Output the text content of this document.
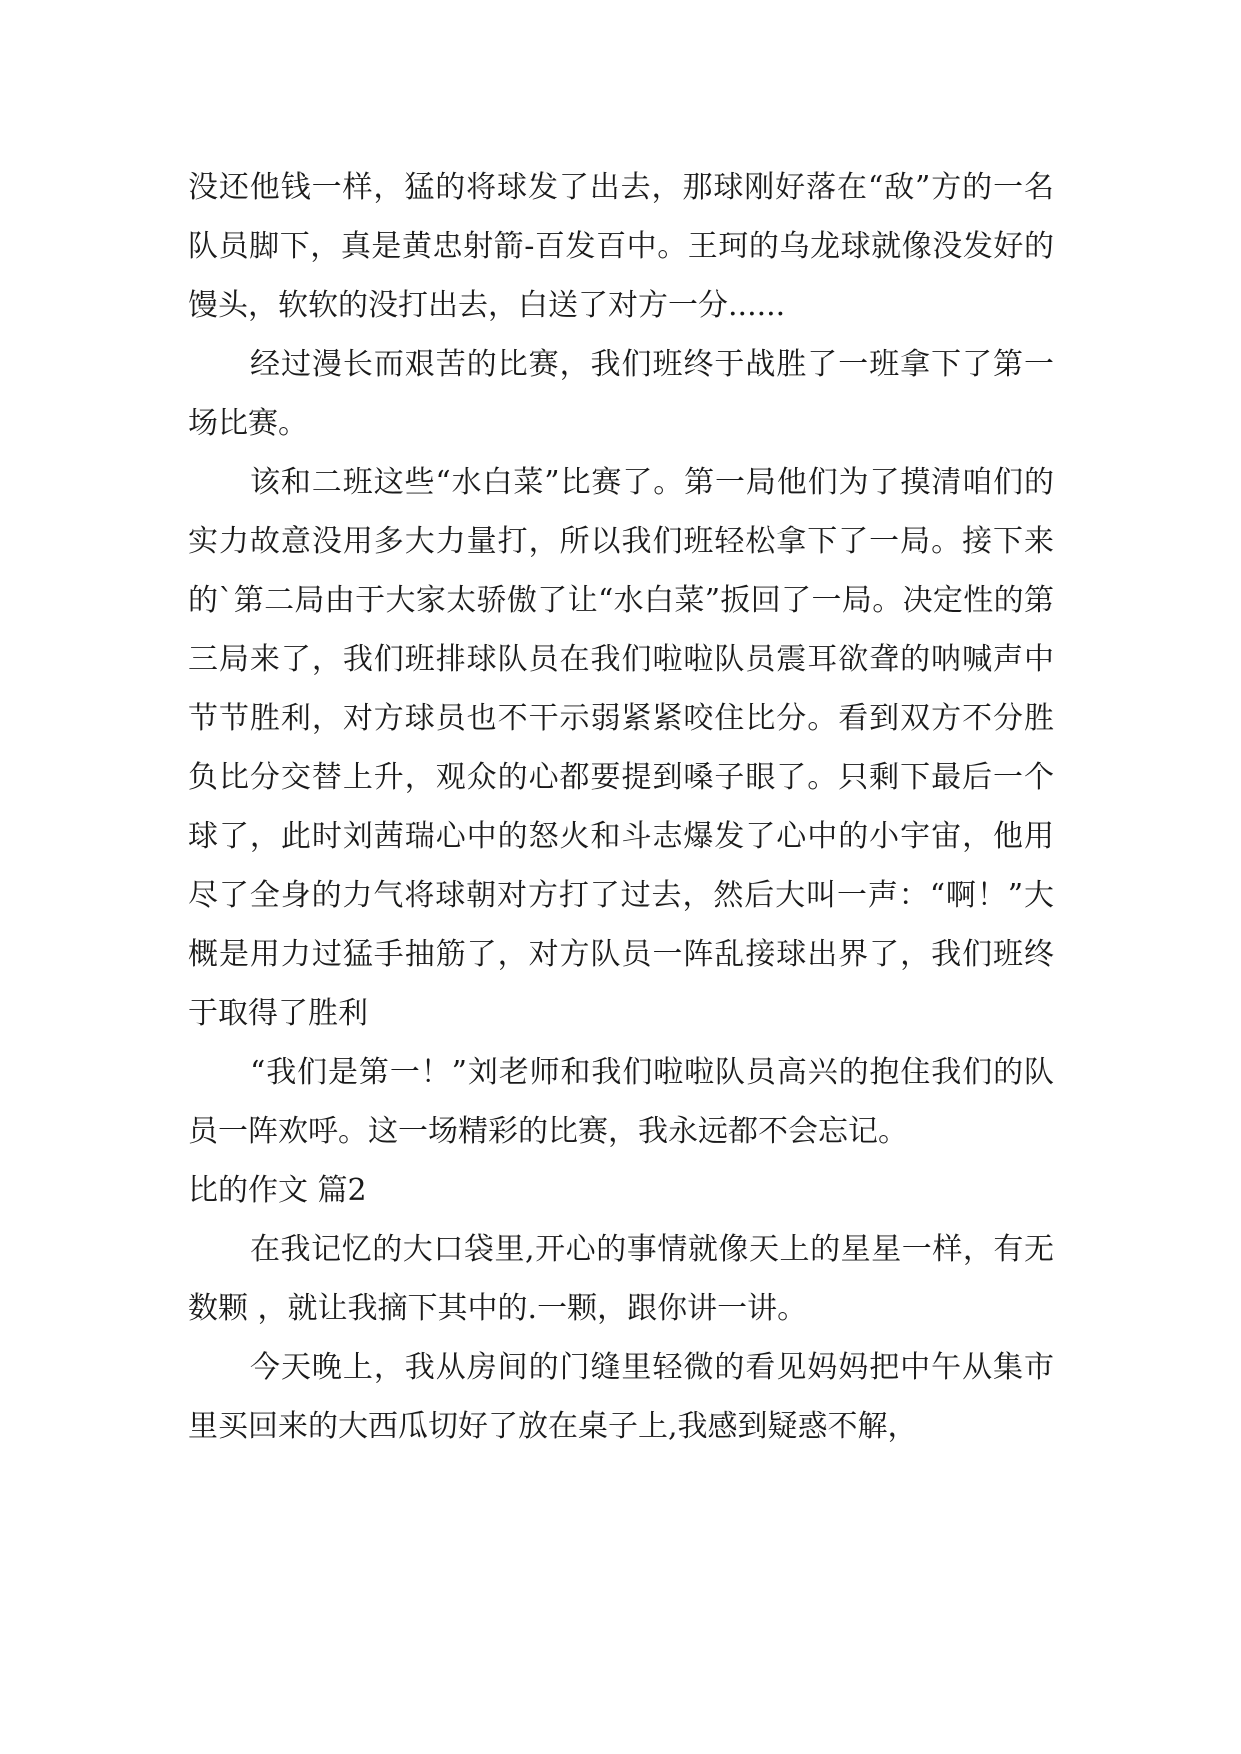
没还他钱一样，猛的将球发了出去，那球刚好落在“敌”方的一名队员脚下，真是黄忠射箭-百发百中。王珂的乌龙球就像没发好的馒头，软软的没打出去，白送了对方一分......

经过漫长而艰苦的比赛，我们班终于战胜了一班拿下了第一场比赛。

该和二班这些“水白菜”比赛了。第一局他们为了摸清咱们的实力故意没用多大力量打，所以我们班轻松拿下了一局。接下来的`第二局由于大家太骄傲了让“水白菜”扳回了一局。决定性的第三局来了，我们班排球队员在我们啦啦队员震耳欲聋的呐喊声中节节胜利，对方球员也不干示弱紧紧咬住比分。看到双方不分胜负比分交替上升，观众的心都要提到嗓子眼了。只剩下最后一个球了，此时刘茜瑞心中的怒火和斗志爆发了心中的小宇宙，他用尽了全身的力气将球朝对方打了过去，然后大叫一声：“啊！”大概是用力过猛手抽筋了，对方队员一阵乱接球出界了，我们班终于取得了胜利

“我们是第一！”刘老师和我们啦啦队员高兴的抱住我们的队员一阵欢呼。这一场精彩的比赛，我永远都不会忘记。

比的作文 篇2

在我记忆的大口袋里,开心的事情就像天上的星星一样，有无数颗 ，就让我摘下其中的.一颗，跟你讲一讲。

今天晚上，我从房间的门缝里轻微的看见妈妈把中午从集市里买回来的大西瓜切好了放在桌子上,我感到疑惑不解，
